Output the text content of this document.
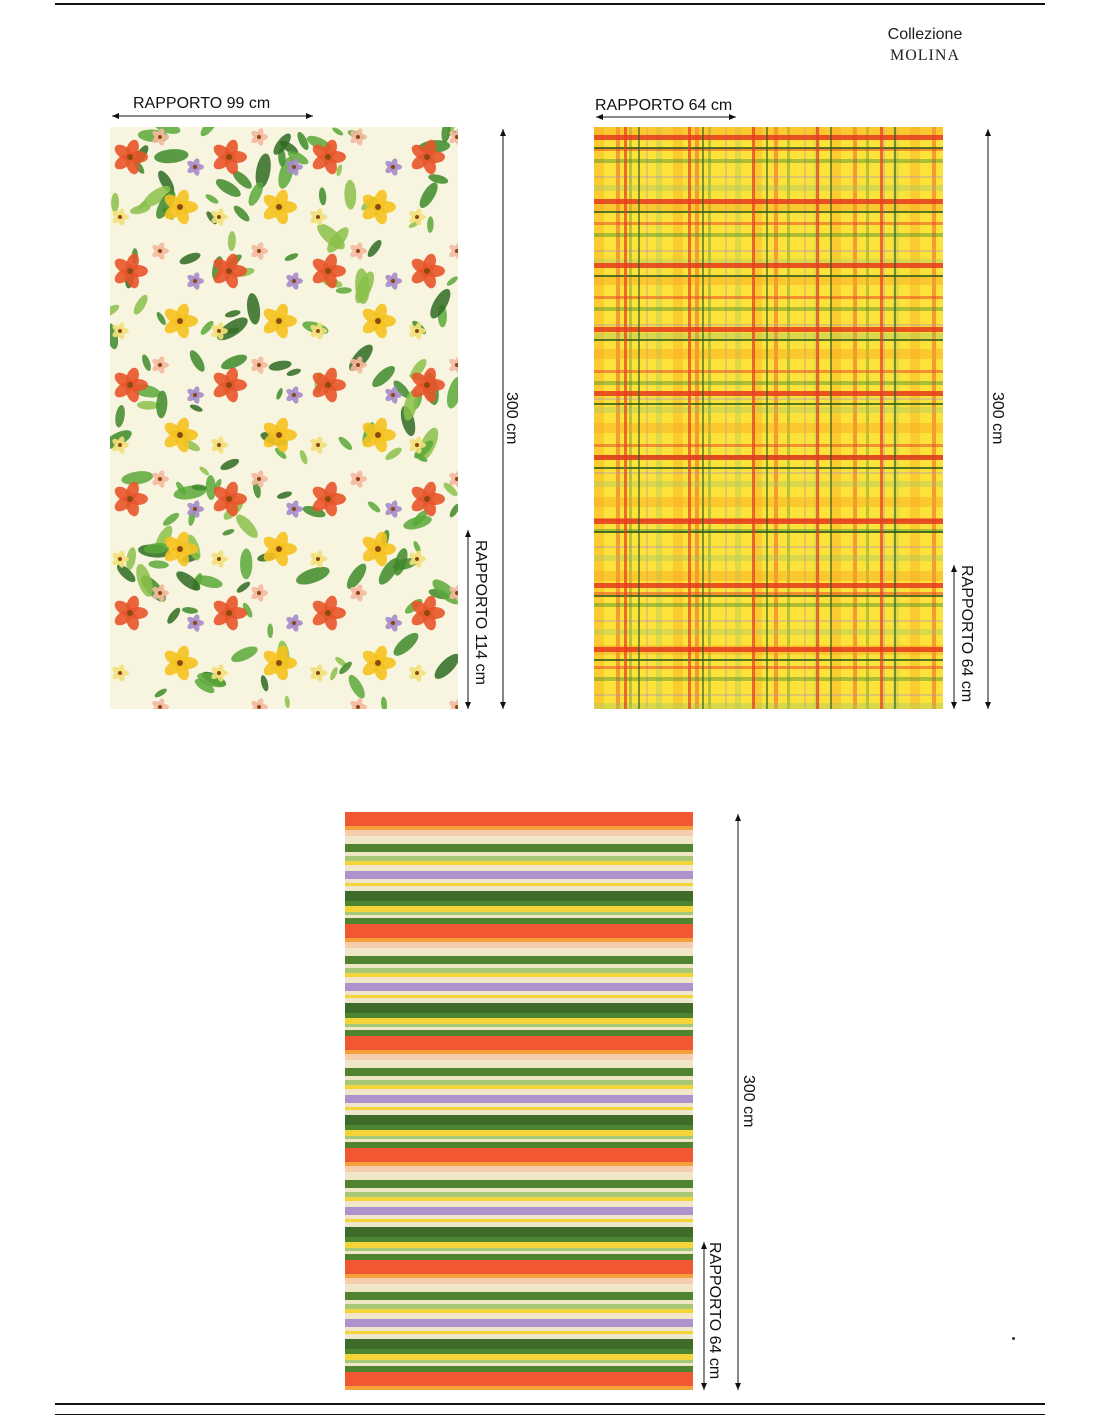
Collezione
MOLINA
RAPPORTO 99 cm
300 cm
RAPPORTO 114 cm
RAPPORTO 64 cm
300 cm
RAPPORTO 64 cm
300 cm
RAPPORTO 64 cm
